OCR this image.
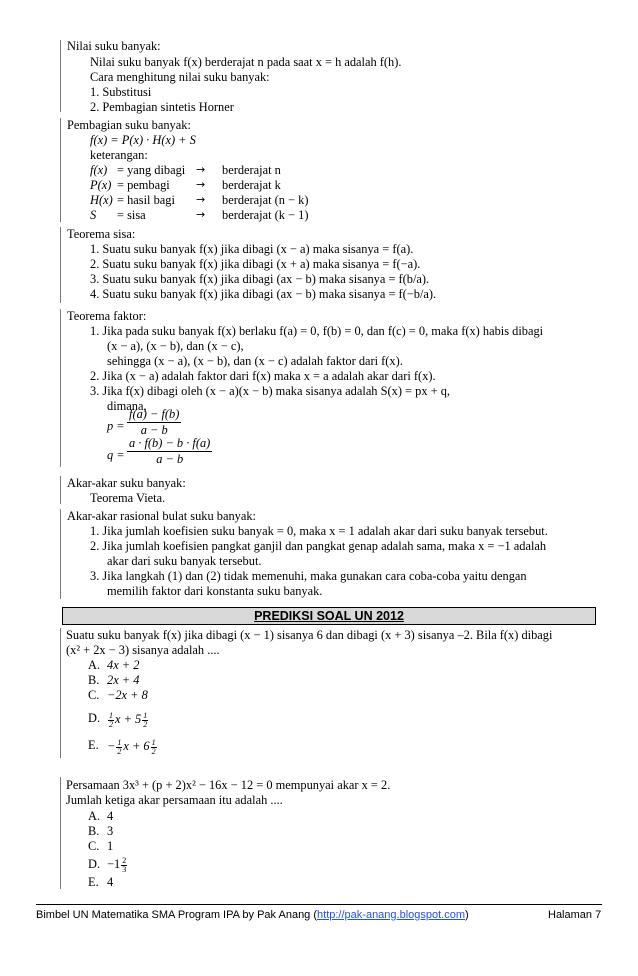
Nilai suku banyak:
Nilai suku banyak f(x) berderajat n pada saat x = h adalah f(h).
Cara menghitung nilai suku banyak:
1. Substitusi
2. Pembagian sintetis Horner
Pembagian suku banyak:
f(x) = P(x) · H(x) + S
keterangan:
f(x) = yang dibagi → berderajat n
P(x) = pembagi → berderajat k
H(x) = hasil bagi → berderajat (n − k)
S = sisa	→ berderajat (k − 1)
Teorema sisa:
1. Suatu suku banyak f(x) jika dibagi (x − a) maka sisanya = f(a).
2. Suatu suku banyak f(x) jika dibagi (x + a) maka sisanya = f(−a).
3. Suatu suku banyak f(x) jika dibagi (ax − b) maka sisanya = f(b/a).
4. Suatu suku banyak f(x) jika dibagi (ax − b) maka sisanya = f(−b/a).
Teorema faktor:
1. Jika pada suku banyak f(x) berlaku f(a) = 0, f(b) = 0, dan f(c) = 0, maka f(x) habis dibagi
(x − a), (x − b), dan (x − c),
sehingga (x − a), (x − b), dan (x − c) adalah faktor dari f(x).
2. Jika (x − a) adalah faktor dari f(x) maka x = a adalah akar dari f(x).
3. Jika f(x) dibagi oleh (x − a)(x − b) maka sisanya adalah S(x) = px + q,
dimana,
$p = \frac{f(a) - f(b)}{a - b}$
$q = \frac{a \cdot f(b) - b \cdot f(a)}{a - b}$
Akar-akar suku banyak:
Teorema Vieta.
Akar-akar rasional bulat suku banyak:
1. Jika jumlah koefisien suku banyak = 0, maka x = 1 adalah akar dari suku banyak tersebut.
2. Jika jumlah koefisien pangkat ganjil dan pangkat genap adalah sama, maka x = −1 adalah
akar dari suku banyak tersebut.
3. Jika langkah (1) dan (2) tidak memenuhi, maka gunakan cara coba-coba yaitu dengan
memilih faktor dari konstanta suku banyak.
PREDIKSI SOAL UN 2012
Suatu suku banyak f(x) jika dibagi (x − 1) sisanya 6 dan dibagi (x + 3) sisanya –2. Bila f(x) dibagi
(x² + 2x − 3) sisanya adalah ....
A. 4x + 2
B. 2x + 4
C. −2x + 8
D. $\frac{1}{2}$ $x + 5 \frac{1}{2}$
E. − $\frac{1}{2}$ $x + 6 \frac{1}{2}$
Persamaan 3x³ + (p + 2)x² − 16x − 12 = 0 mempunyai akar x = 2.
Jumlah ketiga akar persamaan itu adalah ....
A. 4
B. 3
C. 1
D. $-1 \frac{2}{3}$
E. 4
Bimbel UN Matematika SMA Program IPA by Pak Anang (http://pak-anang.blogspot.com)	Halaman 7
